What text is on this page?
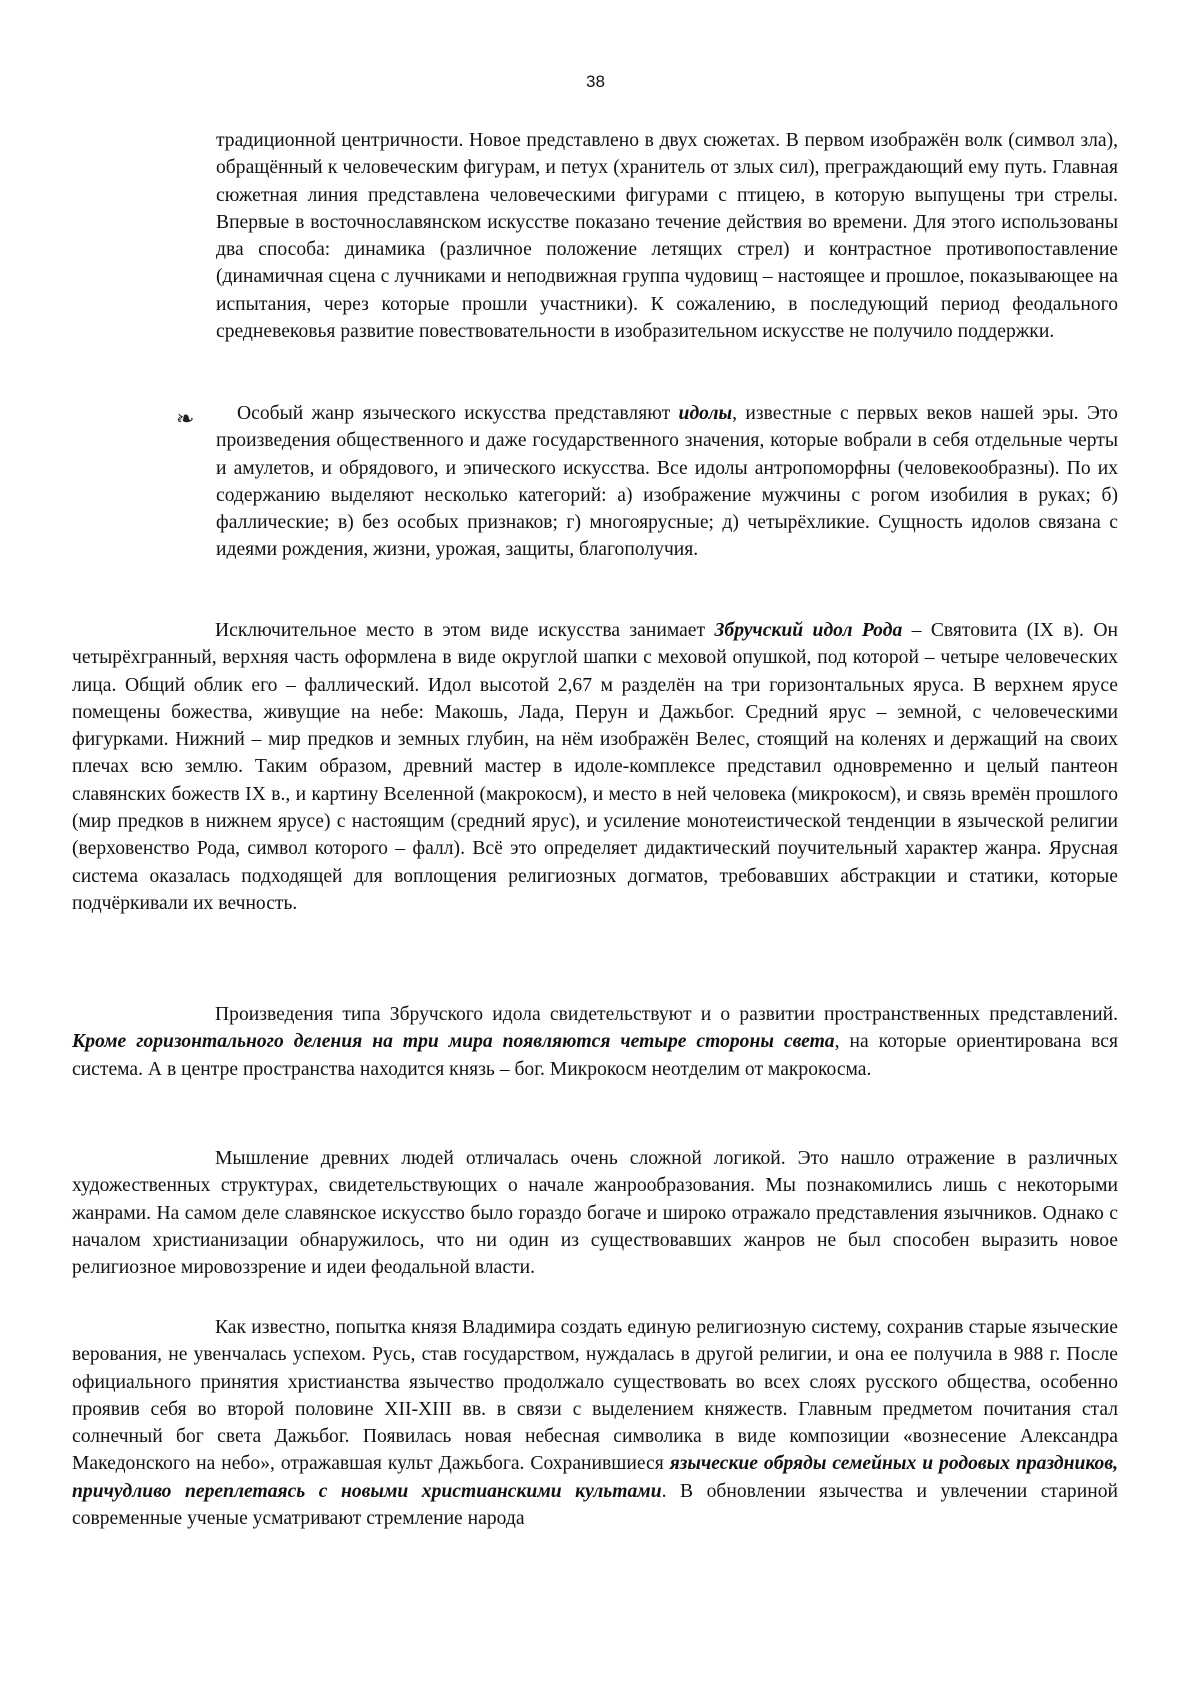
38

традиционной центричности. Новое представлено в двух сюжетах. В первом изображён волк (символ зла), обращённый к человеческим фигурам, и петух (хранитель от злых сил), преграждающий ему путь. Главная сюжетная линия представлена человеческими фигурами с птицею, в которую выпущены три стрелы. Впервые в восточнославянском искусстве показано течение действия во времени. Для этого использованы два способа: динамика (различное положение летящих стрел) и контрастное противопоставление (динамичная сцена с лучниками и неподвижная группа чудовищ – настоящее и прошлое, показывающее на испытания, через которые прошли участники). К сожалению, в последующий период феодального средневековья развитие повествовательности в изобразительном искусстве не получило поддержки.

❧	Особый жанр языческого искусства представляют идолы, известные с первых веков нашей эры. Это произведения общественного и даже государственного значения, которые вобрали в себя отдельные черты и амулетов, и обрядового, и эпического искусства. Все идолы антропоморфны (человекообразны). По их содержанию выделяют несколько категорий: а) изображение мужчины с рогом изобилия в руках; б) фаллические; в) без особых признаков; г) многоярусные; д) четырёхликие. Сущность идолов связана с идеями рождения, жизни, урожая, защиты, благополучия.

Исключительное место в этом виде искусства занимает Збручский идол Рода – Святовита (IX в). Он четырёхгранный, верхняя часть оформлена в виде округлой шапки с меховой опушкой, под которой – четыре человеческих лица. Общий облик его – фаллический. Идол высотой 2,67 м разделён на три горизонтальных яруса. В верхнем ярусе помещены божества, живущие на небе: Макошь, Лада, Перун и Дажьбог. Средний ярус – земной, с человеческими фигурками. Нижний – мир предков и земных глубин, на нём изображён Велес, стоящий на коленях и держащий на своих плечах всю землю. Таким образом, древний мастер в идоле-комплексе представил одновременно и целый пантеон славянских божеств IX в., и картину Вселенной (макрокосм), и место в ней человека (микрокосм), и связь времён прошлого (мир предков в нижнем ярусе) с настоящим (средний ярус), и усиление монотеистической тенденции в языческой религии (верховенство Рода, символ которого – фалл). Всё это определяет дидактический поучительный характер жанра. Ярусная система оказалась подходящей для воплощения религиозных догматов, требовавших абстракции и статики, которые подчёркивали их вечность.

Произведения типа Збручского идола свидетельствуют и о развитии пространственных представлений. Кроме горизонтального деления на три мира появляются четыре стороны света, на которые ориентирована вся система. А в центре пространства находится князь – бог. Микрокосм неотделим от макрокосма.

Мышление древних людей отличалась очень сложной логикой. Это нашло отражение в различных художественных структурах, свидетельствующих о начале жанрообразования. Мы познакомились лишь с некоторыми жанрами. На самом деле славянское искусство было гораздо богаче и широко отражало представления язычников. Однако с началом христианизации обнаружилось, что ни один из существовавших жанров не был способен выразить новое религиозное мировоззрение и идеи феодальной власти.

Как известно, попытка князя Владимира создать единую религиозную систему, сохранив старые языческие верования, не увенчалась успехом. Русь, став государством, нуждалась в другой религии, и она ее получила в 988 г. После официального принятия христианства язычество продолжало существовать во всех слоях русского общества, особенно проявив себя во второй половине XII-XIII вв. в связи с выделением княжеств. Главным предметом почитания стал солнечный бог света Дажьбог. Появилась новая небесная символика в виде композиции «вознесение Александра Македонского на небо», отражавшая культ Дажьбога. Сохранившиеся языческие обряды семейных и родовых праздников, причудливо переплетаясь с новыми христианскими культами. В обновлении язычества и увлечении стариной современные ученые усматривают стремление народа
